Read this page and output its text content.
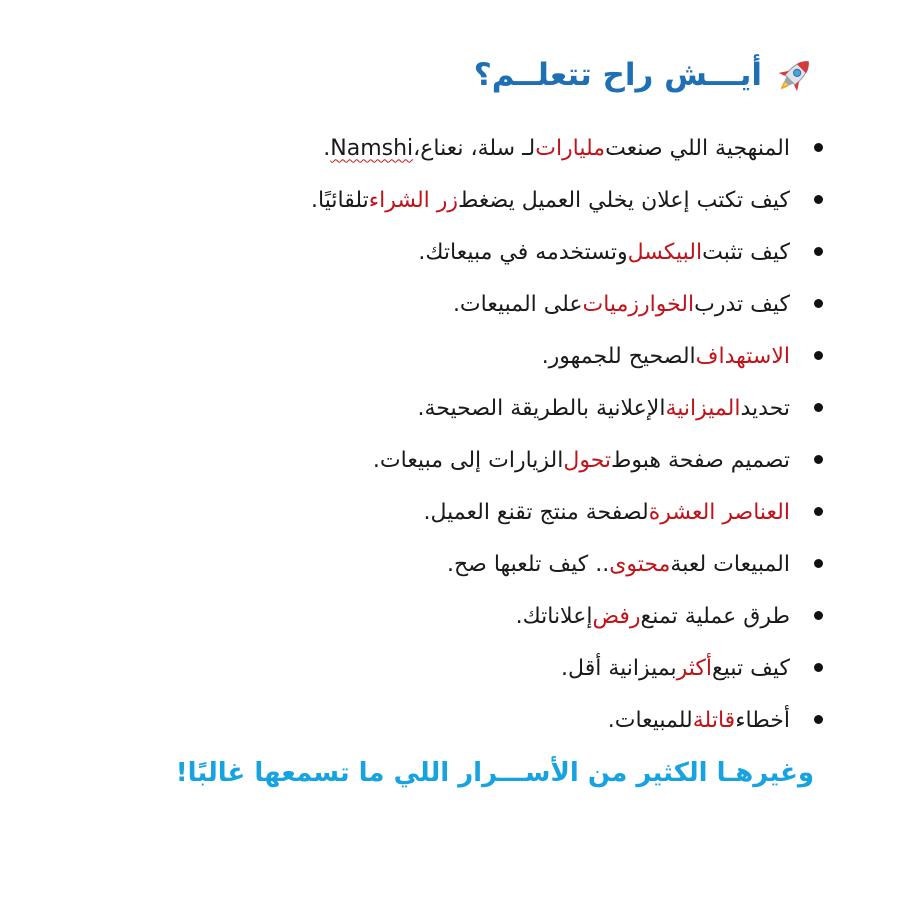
أيـــش راح تتعلــم؟
المنهجية اللي صنعت
مليارات
لـ سلة، نعناع،
Namshi
.
كيف تكتب إعلان يخلي العميل يضغط
زر الشراء
تلقائيًا.
كيف تثبت
البيكسل
وتستخدمه في مبيعاتك.
كيف تدرب
الخوارزميات
على المبيعات.
الاستهداف
الصحيح للجمهور.
تحديد
الميزانية
الإعلانية بالطريقة الصحيحة.
تصميم صفحة هبوط
تحول
الزيارات إلى مبيعات.
العناصر العشرة
لصفحة منتج تقنع العميل.
المبيعات لعبة
محتوى
.. كيف تلعبها صح.
طرق عملية تمنع
رفض
إعلاناتك.
كيف تبيع
أكثر
بميزانية أقل.
أخطاء
قاتلة
للمبيعات.
وغيرهـا الكثير من الأســـرار اللي ما تسمعها غالبًا!
